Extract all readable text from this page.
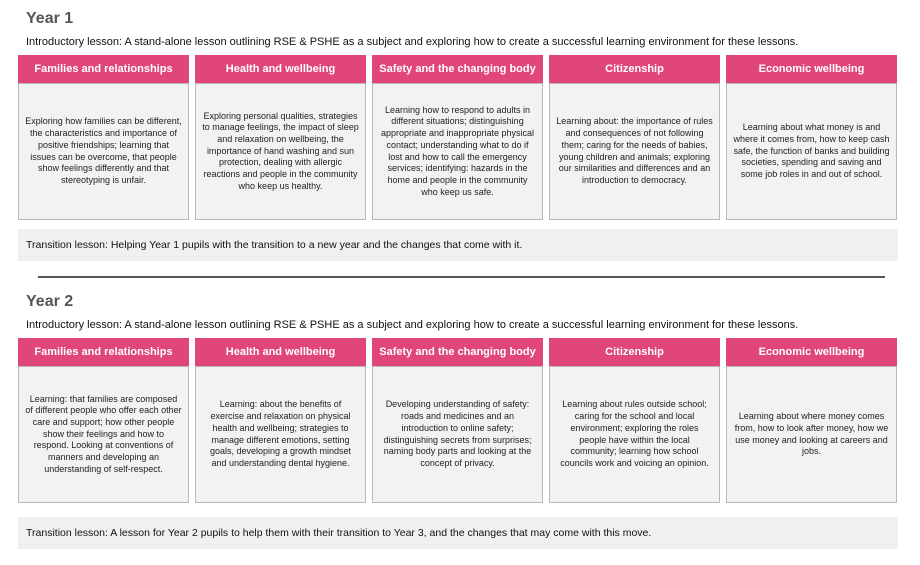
Year 1

Introductory lesson: A stand-alone lesson outlining RSE & PSHE as a subject and exploring how to create a successful learning environment for these lessons.

Families and relationships

Exploring how families can be different, the characteristics and importance of positive friendships; learning that issues can be overcome, that people show feelings differently and that stereotyping is unfair.

Health and wellbeing

Exploring personal qualities, strategies to manage feelings, the impact of sleep and relaxation on wellbeing, the importance of hand washing and sun protection, dealing with allergic reactions and people in the community who keep us healthy.

Safety and the changing body

Learning how to respond to adults in different situations; distinguishing appropriate and inappropriate physical contact; understanding what to do if lost and how to call the emergency services; identifying: hazards in the home and people in the community who keep us safe.

Citizenship

Learning about: the importance of rules and consequences of not following them; caring for the needs of babies, young children and animals; exploring our similarities and differences and an introduction to democracy.

Economic wellbeing

Learning about what money is and where it comes from, how to keep cash safe, the function of banks and building societies, spending and saving and some job roles in and out of school.

Transition lesson: Helping Year 1 pupils with the transition to a new year and the changes that come with it.
Year 2

Introductory lesson: A stand-alone lesson outlining RSE & PSHE as a subject and exploring how to create a successful learning environment for these lessons.

Families and relationships

Learning: that families are composed of different people who offer each other care and support; how other people show their feelings and how to respond. Looking at conventions of manners and developing an understanding of self-respect.

Health and wellbeing

Learning: about the benefits of exercise and relaxation on physical health and wellbeing; strategies to manage different emotions, setting goals, developing a growth mindset and understanding dental hygiene.

Safety and the changing body

Developing understanding of safety: roads and medicines and an introduction to online safety; distinguishing secrets from surprises; naming body parts and looking at the concept of privacy.

Citizenship

Learning about rules outside school; caring for the school and local environment; exploring the roles people have within the local community; learning how school councils work and voicing an opinion.

Economic wellbeing

Learning about where money comes from, how to look after money, how we use money and looking at careers and jobs.

Transition lesson: A lesson for Year 2 pupils to help them with their transition to Year 3, and the changes that may come with this move.
